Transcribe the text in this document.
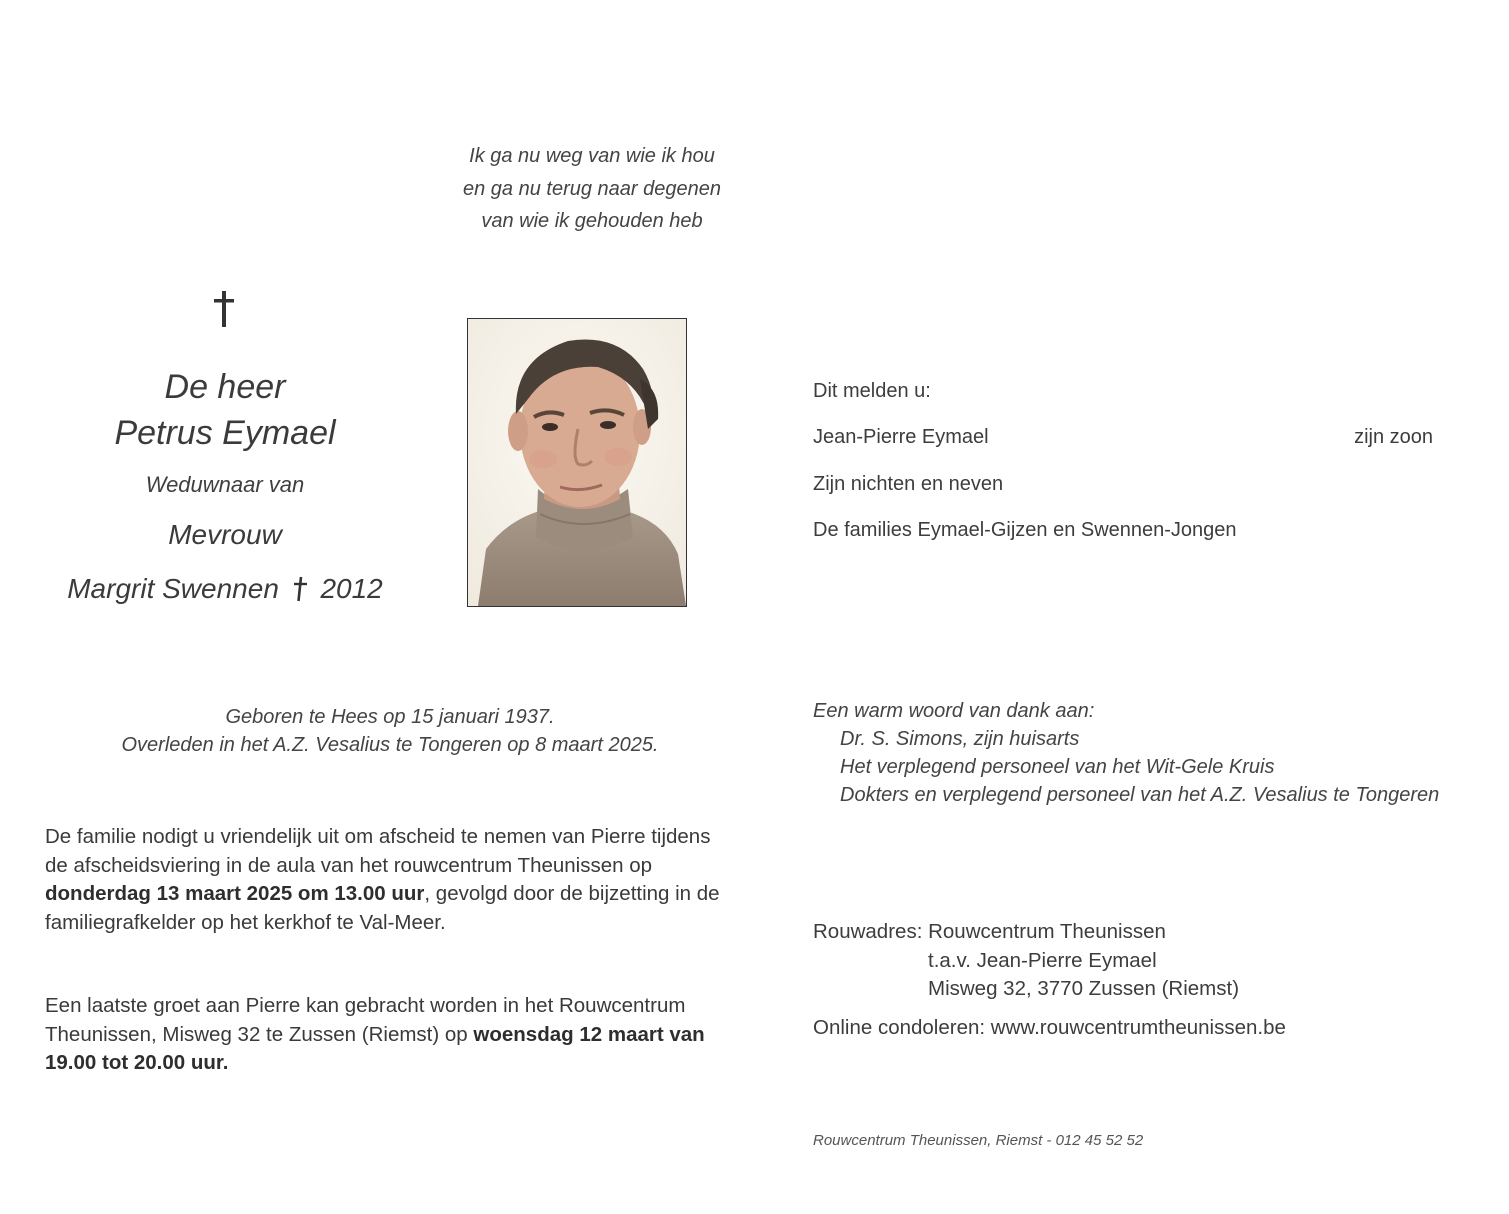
Ik ga nu weg van wie ik hou
en ga nu terug naar degenen
van wie ik gehouden heb
De heer
Petrus Eymael
Weduwnaar van
Mevrouw
Margrit Swennen 2012
Dit melden u:
Jean-Pierre Eymael	zijn zoon
Zijn nichten en neven
De families Eymael-Gijzen en Swennen-Jongen
Geboren te Hees op 15 januari 1937.
Overleden in het A.Z. Vesalius te Tongeren op 8 maart 2025.
De familie nodigt u vriendelijk uit om afscheid te nemen van Pierre tijdens de afscheidsviering in de aula van het rouwcentrum Theunissen op donderdag 13 maart 2025 om 13.00 uur, gevolgd door de bijzetting in de familiegrafkelder op het kerkhof te Val-Meer.
Een laatste groet aan Pierre kan gebracht worden in het Rouwcentrum Theunissen, Misweg 32 te Zussen (Riemst) op woensdag 12 maart van 19.00 tot 20.00 uur.
Een warm woord van dank aan:
Dr. S. Simons, zijn huisarts
Het verplegend personeel van het Wit-Gele Kruis
Dokters en verplegend personeel van het A.Z. Vesalius te Tongeren
Rouwadres: Rouwcentrum Theunissen
t.a.v. Jean-Pierre Eymael
Misweg 32, 3770 Zussen (Riemst)
Online condoleren: www.rouwcentrumtheunissen.be
Rouwcentrum Theunissen, Riemst - 012 45 52 52
